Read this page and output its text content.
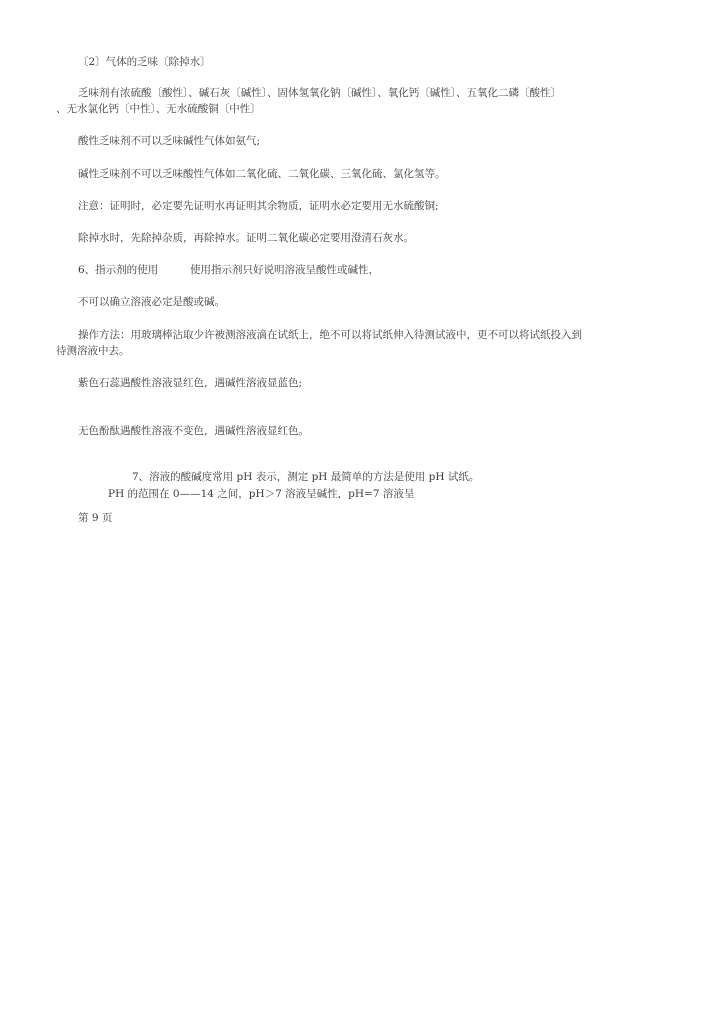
〔2〕气体的乏味〔除掉水〕
乏味剂有浓硫酸〔酸性〕、碱石灰〔碱性〕、固体氢氧化钠〔碱性〕、氧化钙〔碱性〕、五氧化二磷〔酸性〕
、无水氯化钙〔中性〕、无水硫酸铜〔中性〕
酸性乏味剂不可以乏味碱性气体如氨气;
碱性乏味剂不可以乏味酸性气体如二氧化硫、二氧化碳、三氧化硫、氯化氢等。
注意：证明时，必定要先证明水再证明其余物质，证明水必定要用无水硫酸铜;
除掉水时，先除掉杂质，再除掉水。证明二氧化碳必定要用澄清石灰水。
6、指示剂的使用	使用指示剂只好说明溶液呈酸性或碱性，
不可以确立溶液必定是酸或碱。
操作方法：用玻璃棒沾取少许被测溶液滴在试纸上，绝不可以将试纸伸入待测试液中，更不可以将试纸投入到
待测溶液中去。
紫色石蕊遇酸性溶液显红色，遇碱性溶液显蓝色;
无色酚酞遇酸性溶液不变色，遇碱性溶液显红色。
7、溶液的酸碱度常用 pH 表示，测定 pH 最简单的方法是使用 pH 试纸。
PH 的范围在 0——14 之间，pH＞7 溶液呈碱性，pH=7 溶液呈
第 9 页
